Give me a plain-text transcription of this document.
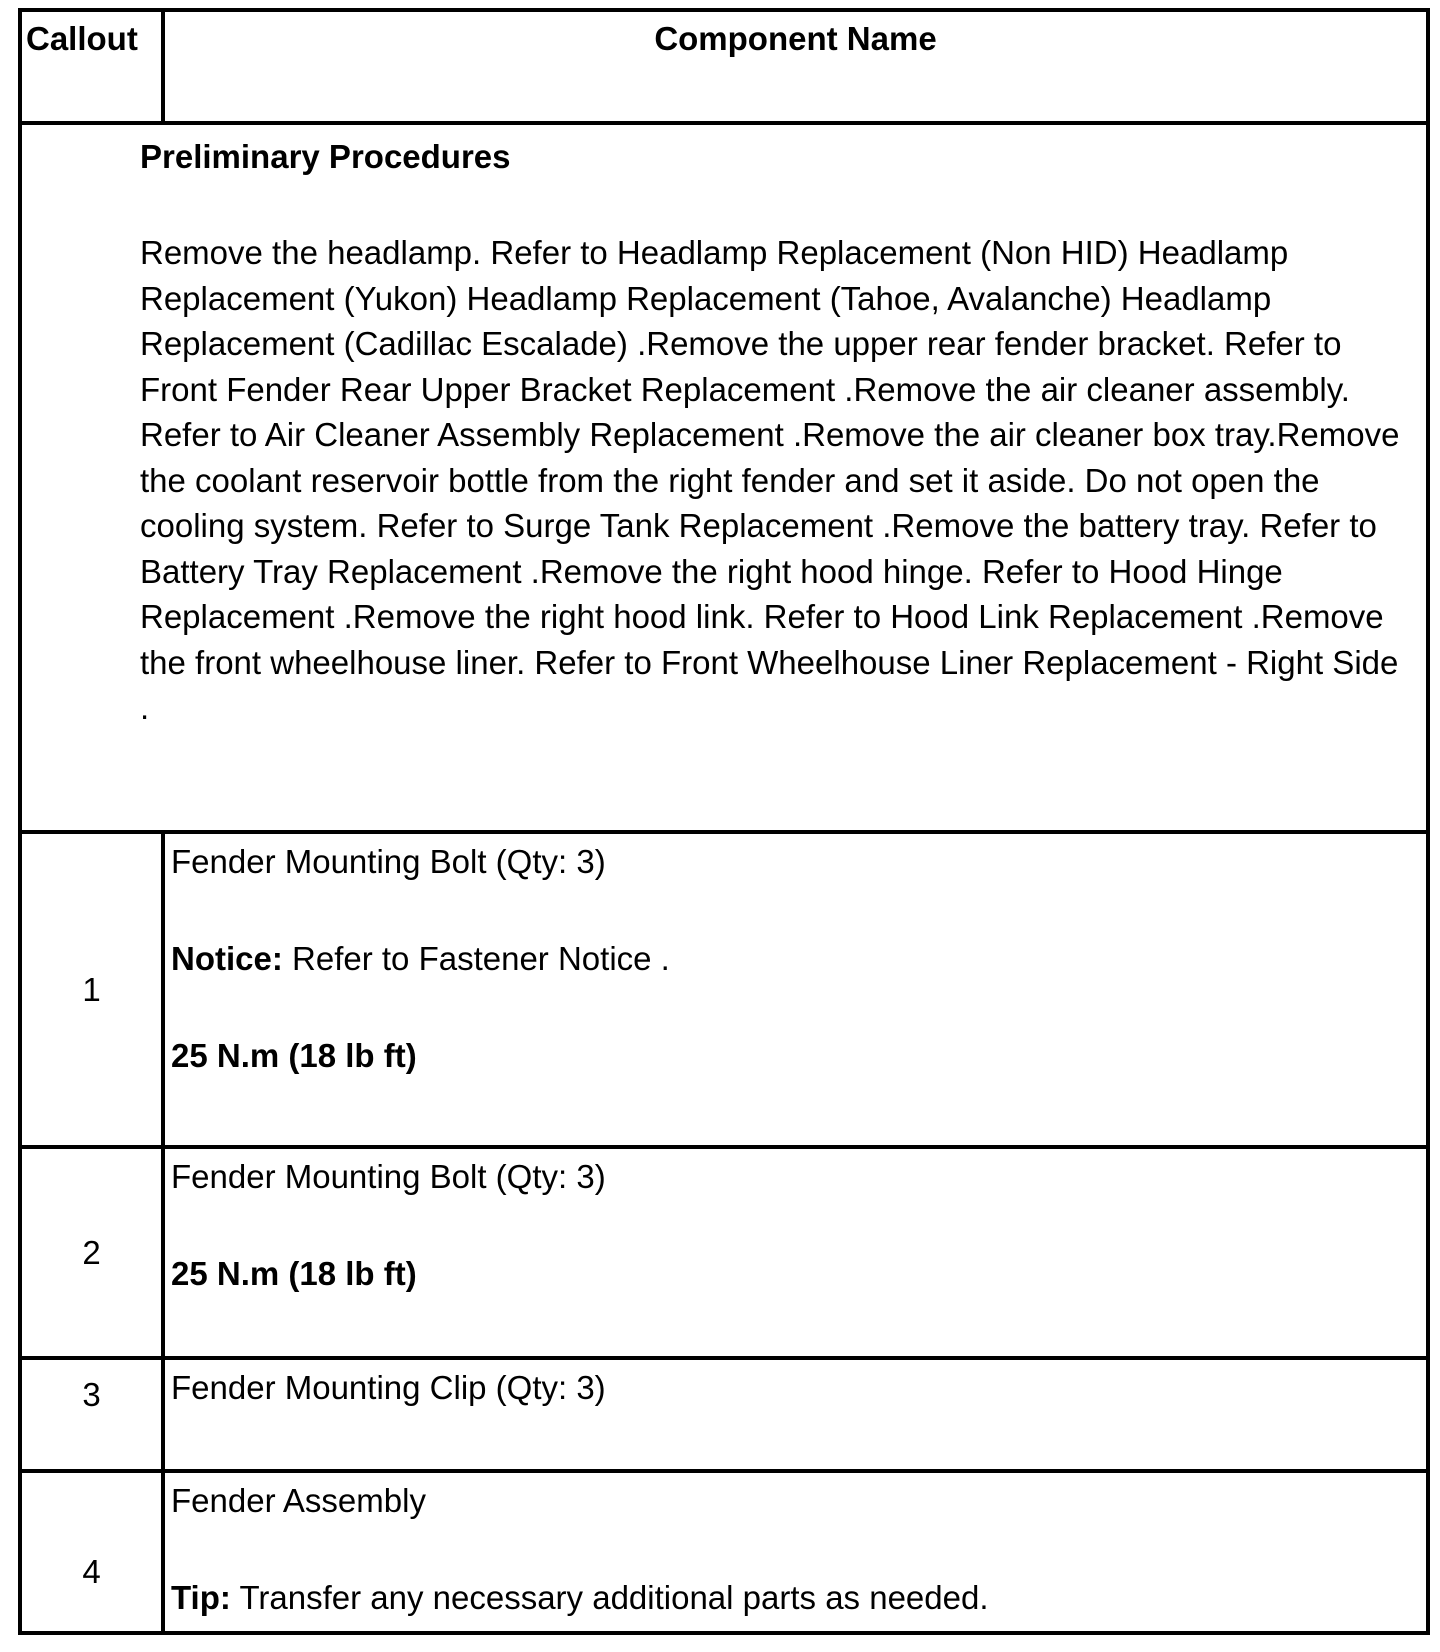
Callout	Component Name

Preliminary Procedures

Remove the headlamp. Refer to Headlamp Replacement (Non HID) Headlamp Replacement (Yukon) Headlamp Replacement (Tahoe, Avalanche) Headlamp Replacement (Cadillac Escalade) .Remove the upper rear fender bracket. Refer to Front Fender Rear Upper Bracket Replacement .Remove the air cleaner assembly. Refer to Air Cleaner Assembly Replacement .Remove the air cleaner box tray.Remove the coolant reservoir bottle from the right fender and set it aside. Do not open the cooling system. Refer to Surge Tank Replacement .Remove the battery tray. Refer to Battery Tray Replacement .Remove the right hood hinge. Refer to Hood Hinge Replacement .Remove the right hood link. Refer to Hood Link Replacement .Remove the front wheelhouse liner. Refer to Front Wheelhouse Liner Replacement - Right Side .	

1	Fender Mounting Bolt (Qty: 3)

Notice: Refer to Fastener Notice .

25 N.m (18 lb ft)

2	Fender Mounting Bolt (Qty: 3)

25 N.m (18 lb ft)

3	Fender Mounting Clip (Qty: 3)

4	Fender Assembly

Tip: Transfer any necessary additional parts as needed.
